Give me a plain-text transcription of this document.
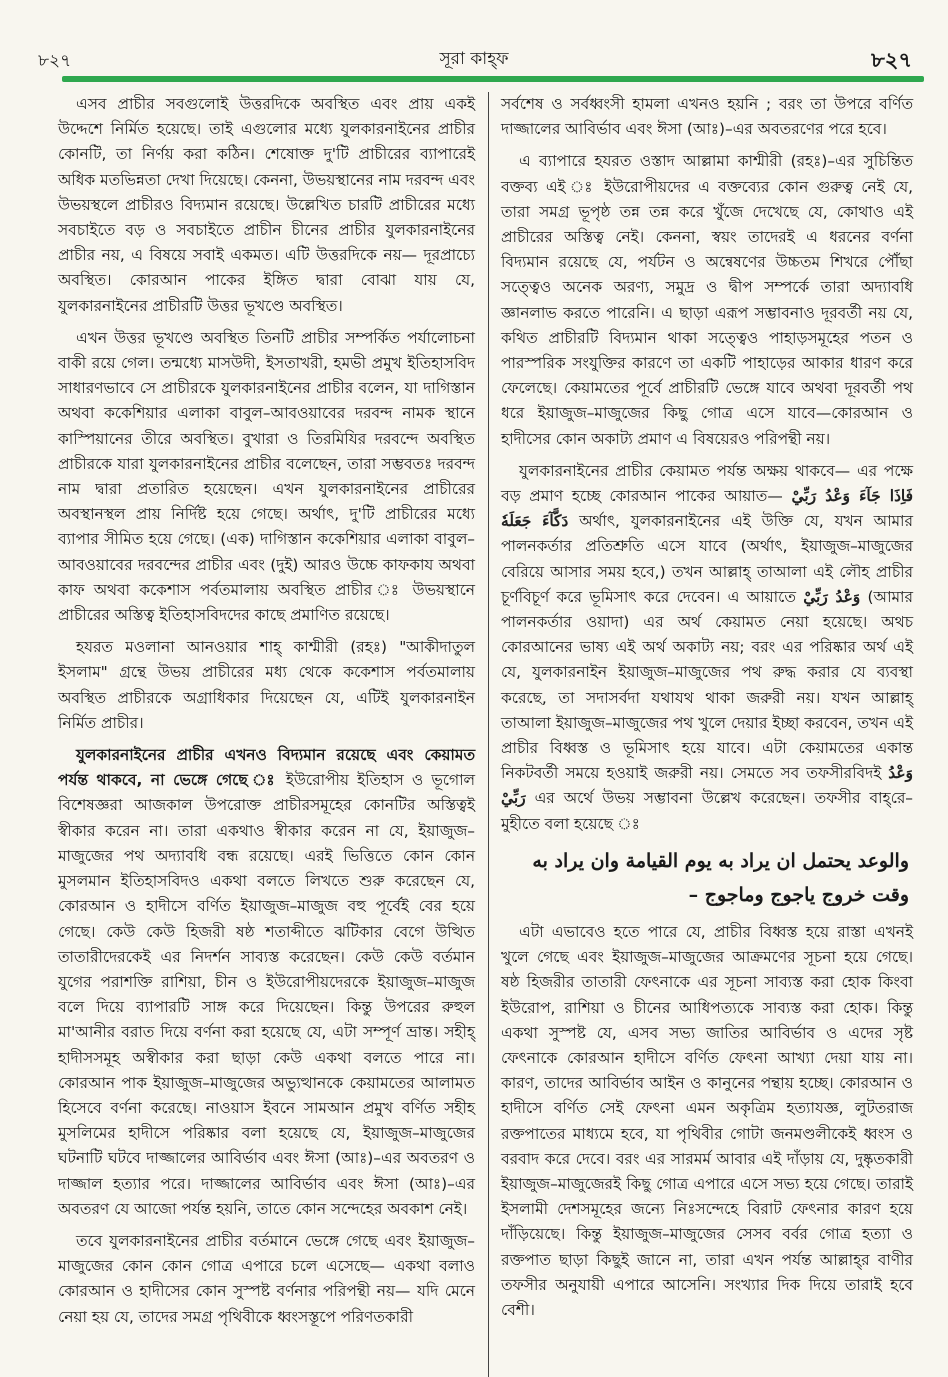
৮২৭	সূরা কাহ্ফ	৮২৭

এসব প্রাচীর সবগুলোই উত্তরদিকে অবস্থিত এবং প্রায় একই উদ্দেশে নির্মিত হয়েছে। তাই এগুলোর মধ্যে যুলকারনাইনের প্রাচীর কোনটি, তা নির্ণয় করা কঠিন। শেষোক্ত দু'টি প্রাচীরের ব্যাপারেই অধিক মতভিন্নতা দেখা দিয়েছে। কেননা, উভয়স্থানের নাম দরবন্দ এবং উভয়স্থলে প্রাচীরও বিদ্যমান রয়েছে। উল্লেখিত চারটি প্রাচীরের মধ্যে সবচাইতে বড় ও সবচাইতে প্রাচীন চীনের প্রাচীর যুলকারনাইনের প্রাচীর নয়, এ বিষয়ে সবাই একমত। এটি উত্তরদিকে নয়— দূরপ্রাচ্যে অবস্থিত। কোরআন পাকের ইঙ্গিত দ্বারা বোঝা যায় যে, যুলকারনাইনের প্রাচীরটি উত্তর ভূখণ্ডে অবস্থিত।

এখন উত্তর ভূখণ্ডে অবস্থিত তিনটি প্রাচীর সম্পর্কিত পর্যালোচনা বাকী রয়ে গেল। তন্মধ্যে মাসউদী, ইসতাখরী, হমভী প্রমুখ ইতিহাসবিদ সাধারণভাবে সে প্রাচীরকে যুলকারনাইনের প্রাচীর বলেন, যা দাগিস্তান অথবা ককেশিয়ার এলাকা বাবুল–আবওয়াবের দরবন্দ নামক স্থানে কাস্পিয়ানের তীরে অবস্থিত। বুখারা ও তিরমিযির দরবন্দে অবস্থিত প্রাচীরকে যারা যুলকারনাইনের প্রাচীর বলেছেন, তারা সম্ভবতঃ দরবন্দ নাম দ্বারা প্রতারিত হয়েছেন। এখন যুলকারনাইনের প্রাচীরের অবস্থানস্থল প্রায় নির্দিষ্ট হয়ে গেছে। অর্থাৎ, দু'টি প্রাচীরের মধ্যে ব্যাপার সীমিত হয়ে গেছে। (এক) দাগিস্তান ককেশিয়ার এলাকা বাবুল–আবওয়াবের দরবন্দের প্রাচীর এবং (দুই) আরও উচ্চে কাফকায অথবা কাফ অথবা ককেশাস পর্বতমালায় অবস্থিত প্রাচীর ঃ উভয়স্থানে প্রাচীরের অস্তিত্ব ইতিহাসবিদদের কাছে প্রমাণিত রয়েছে।

হযরত মওলানা আনওয়ার শাহ্ কাশ্মীরী (রহঃ) "আকীদাতুল ইসলাম" গ্রন্থে উভয় প্রাচীরের মধ্য থেকে ককেশাস পর্বতমালায় অবস্থিত প্রাচীরকে অগ্রাধিকার দিয়েছেন যে, এটিই যুলকারনাইন নির্মিত প্রাচীর।

যুলকারনাইনের প্রাচীর এখনও বিদ্যমান রয়েছে এবং কেয়ামত পর্যন্ত থাকবে, না ভেঙ্গে গেছে ঃ ইউরোপীয় ইতিহাস ও ভূগোল বিশেষজ্ঞরা আজকাল উপরোক্ত প্রাচীরসমূহের কোনটির অস্তিত্বই স্বীকার করেন না। তারা একথাও স্বীকার করেন না যে, ইয়াজুজ–মাজুজের পথ অদ্যাবধি বন্ধ রয়েছে। এরই ভিত্তিতে কোন কোন মুসলমান ইতিহাসবিদও একথা বলতে লিখতে শুরু করেছেন যে, কোরআন ও হাদীসে বর্ণিত ইয়াজুজ–মাজুজ বহু পূর্বেই বের হয়ে গেছে। কেউ কেউ হিজরী ষষ্ঠ শতাব্দীতে ঝটিকার বেগে উত্থিত তাতারীদেরকেই এর নিদর্শন সাব্যস্ত করেছেন। কেউ কেউ বর্তমান যুগের পরাশক্তি রাশিয়া, চীন ও ইউরোপীয়দেরকে ইয়াজুজ–মাজুজ বলে দিয়ে ব্যাপারটি সাঙ্গ করে দিয়েছেন। কিন্তু উপরের রুহুল মা'আনীর বরাত দিয়ে বর্ণনা করা হয়েছে যে, এটা সম্পূর্ণ ভ্রান্ত। সহীহ্ হাদীসসমূহ অস্বীকার করা ছাড়া কেউ একথা বলতে পারে না। কোরআন পাক ইয়াজুজ–মাজুজের অভ্যুত্থানকে কেয়ামতের আলামত হিসেবে বর্ণনা করেছে। নাওয়াস ইবনে সামআন প্রমুখ বর্ণিত সহীহ মুসলিমের হাদীসে পরিষ্কার বলা হয়েছে যে, ইয়াজুজ–মাজুজের ঘটনাটি ঘটবে দাজ্জালের আবির্ভাব এবং ঈসা (আঃ)–এর অবতরণ ও দাজ্জাল হত্যার পরে। দাজ্জালের আবির্ভাব এবং ঈসা (আঃ)–এর অবতরণ যে আজো পর্যন্ত হয়নি, তাতে কোন সন্দেহের অবকাশ নেই।

তবে যুলকারনাইনের প্রাচীর বর্তমানে ভেঙ্গে গেছে এবং ইয়াজুজ–মাজুজের কোন কোন গোত্র এপারে চলে এসেছে— একথা বলাও কোরআন ও হাদীসের কোন সুস্পষ্ট বর্ণনার পরিপন্থী নয়— যদি মেনে নেয়া হয় যে, তাদের সমগ্র পৃথিবীকে ধ্বংসস্তূপে পরিণতকারী

সর্বশেষ ও সর্বধ্বংসী হামলা এখনও হয়নি ; বরং তা উপরে বর্ণিত দাজ্জালের আবির্ভাব এবং ঈসা (আঃ)–এর অবতরণের পরে হবে।

এ ব্যাপারে হযরত ওস্তাদ আল্লামা কাশ্মীরী (রহঃ)–এর সুচিন্তিত বক্তব্য এই ঃ ইউরোপীয়দের এ বক্তব্যের কোন গুরুত্ব নেই যে, তারা সমগ্র ভূপৃষ্ঠ তন্ন তন্ন করে খুঁজে দেখেছে যে, কোথাও এই প্রাচীরের অস্তিত্ব নেই। কেননা, স্বয়ং তাদেরই এ ধরনের বর্ণনা বিদ্যমান রয়েছে যে, পর্যটন ও অন্বেষণের উচ্চতম শিখরে পৌঁছা সত্ত্বেও অনেক অরণ্য, সমুদ্র ও দ্বীপ সম্পর্কে তারা অদ্যাবধি জ্ঞানলাভ করতে পারেনি। এ ছাড়া এরূপ সম্ভাবনাও দূরবর্তী নয় যে, কথিত প্রাচীরটি বিদ্যমান থাকা সত্ত্বেও পাহাড়সমূহের পতন ও পারস্পরিক সংযুক্তির কারণে তা একটি পাহাড়ের আকার ধারণ করে ফেলেছে। কেয়ামতের পূর্বে প্রাচীরটি ভেঙ্গে যাবে অথবা দূরবর্তী পথ ধরে ইয়াজুজ–মাজুজের কিছু গোত্র এসে যাবে—কোরআন ও হাদীসের কোন অকাট্য প্রমাণ এ বিষয়েরও পরিপন্থী নয়।

যুলকারনাইনের প্রাচীর কেয়ামত পর্যন্ত অক্ষয় থাকবে— এর পক্ষে বড় প্রমাণ হচ্ছে কোরআন পাকের আয়াত— فَاِذَا جَآءَ وَعْدُ رَبِّيْ جَعَلَهٗ دَكَّآءَ অর্থাৎ, যুলকারনাইনের এই উক্তি যে, যখন আমার পালনকর্তার প্রতিশ্রুতি এসে যাবে (অর্থাৎ, ইয়াজুজ–মাজুজের বেরিয়ে আসার সময় হবে,) তখন আল্লাহ্ তাআলা এই লৌহ প্রাচীর চূর্ণবিচূর্ণ করে ভূমিসাৎ করে দেবেন। এ আয়াতে وَعْدُ رَبِّيْ (আমার পালনকর্তার ওয়াদা) এর অর্থ কেয়ামত নেয়া হয়েছে। অথচ কোরআনের ভাষ্য এই অর্থ অকাট্য নয়; বরং এর পরিষ্কার অর্থ এই যে, যুলকারনাইন ইয়াজুজ–মাজুজের পথ রুদ্ধ করার যে ব্যবস্থা করেছে, তা সদাসর্বদা যথাযথ থাকা জরুরী নয়। যখন আল্লাহ্ তাআলা ইয়াজুজ–মাজুজের পথ খুলে দেয়ার ইচ্ছা করবেন, তখন এই প্রাচীর বিধ্বস্ত ও ভূমিসাৎ হয়ে যাবে। এটা কেয়ামতের একান্ত নিকটবর্তী সময়ে হওয়াই জরুরী নয়। সেমতে সব তফসীরবিদই وَعْدُ رَبِّيْ এর অর্থে উভয় সম্ভাবনা উল্লেখ করেছেন। তফসীর বাহ্‌রে–মুহীতে বলা হয়েছে ঃ

والوعد يحتمل ان يراد به يوم القيامة وان يراد به وقت خروج ياجوج وماجوج –

এটা এভাবেও হতে পারে যে, প্রাচীর বিধ্বস্ত হয়ে রাস্তা এখনই খুলে গেছে এবং ইয়াজুজ–মাজুজের আক্রমণের সূচনা হয়ে গেছে। ষষ্ঠ হিজরীর তাতারী ফেৎনাকে এর সূচনা সাব্যস্ত করা হোক কিংবা ইউরোপ, রাশিয়া ও চীনের আধিপত্যকে সাব্যস্ত করা হোক। কিন্তু একথা সুস্পষ্ট যে, এসব সভ্য জাতির আবির্ভাব ও এদের সৃষ্ট ফেৎনাকে কোরআন হাদীসে বর্ণিত ফেৎনা আখ্যা দেয়া যায় না। কারণ, তাদের আবির্ভাব আইন ও কানুনের পন্থায় হচ্ছে। কোরআন ও হাদীসে বর্ণিত সেই ফেৎনা এমন অকৃত্রিম হত্যাযজ্ঞ, লুটতরাজ রক্তপাতের মাধ্যমে হবে, যা পৃথিবীর গোটা জনমণ্ডলীকেই ধ্বংস ও বরবাদ করে দেবে। বরং এর সারমর্ম আবার এই দাঁড়ায় যে, দুষ্কৃতকারী ইয়াজুজ–মাজুজেরই কিছু গোত্র এপারে এসে সভ্য হয়ে গেছে। তারাই ইসলামী দেশসমূহের জন্যে নিঃসন্দেহে বিরাট ফেৎনার কারণ হয়ে দাঁড়িয়েছে। কিন্তু ইয়াজুজ–মাজুজের সেসব বর্বর গোত্র হত্যা ও রক্তপাত ছাড়া কিছুই জানে না, তারা এখন পর্যন্ত আল্লাহ্‌র বাণীর তফসীর অনুযায়ী এপারে আসেনি। সংখ্যার দিক দিয়ে তারাই হবে বেশী।
